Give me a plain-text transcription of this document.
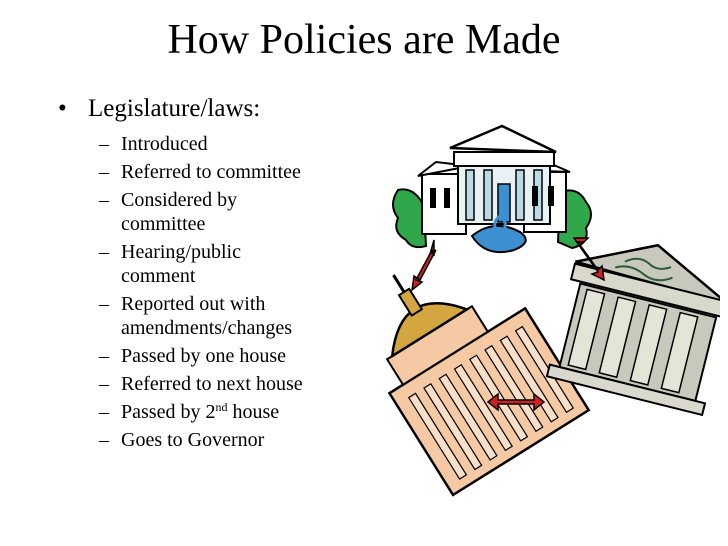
How Policies are Made
• Legislature/laws:
– Introduced
– Referred to committee
– Considered by
committee
– Hearing/public
comment
– Reported out with
amendments/changes
– Passed by one house
– Referred to next house
– Passed by 2nd house
– Goes to Governor
